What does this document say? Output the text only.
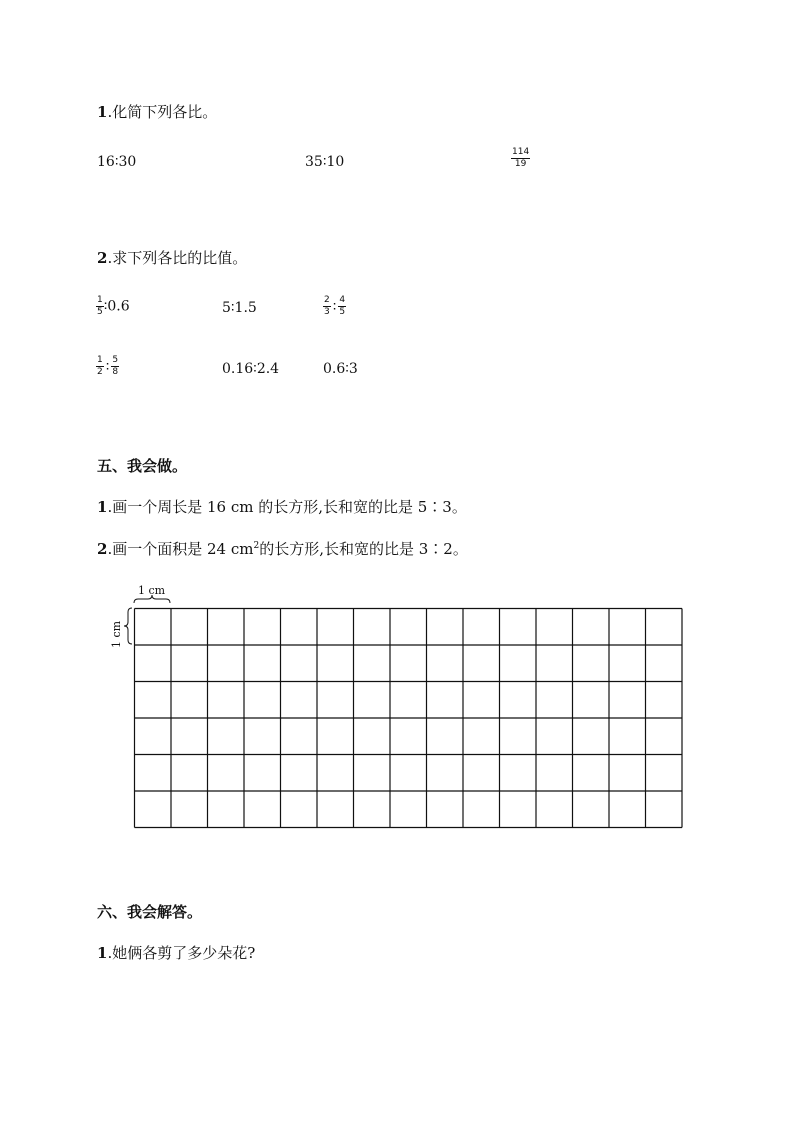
1.化简下列各比。
16∶30	35∶10	$\frac{114}{19}$
2.求下列各比的比值。
$\frac{1}{5}$ ∶0.6	5∶1.5	$\frac{2}{3}$ ∶ $\frac{4}{5}$
$\frac{1}{2}$ ∶ $\frac{5}{8}$	0.16∶2.4	0.6∶3
五、我会做。
1.画一个周长是 16 cm 的长方形,长和宽的比是 5∶3。
2.画一个面积是 24 $cm^2$的长方形,长和宽的比是 3∶2。
1 cm
1 cm
六、我会解答。
1.她俩各剪了多少朵花?
